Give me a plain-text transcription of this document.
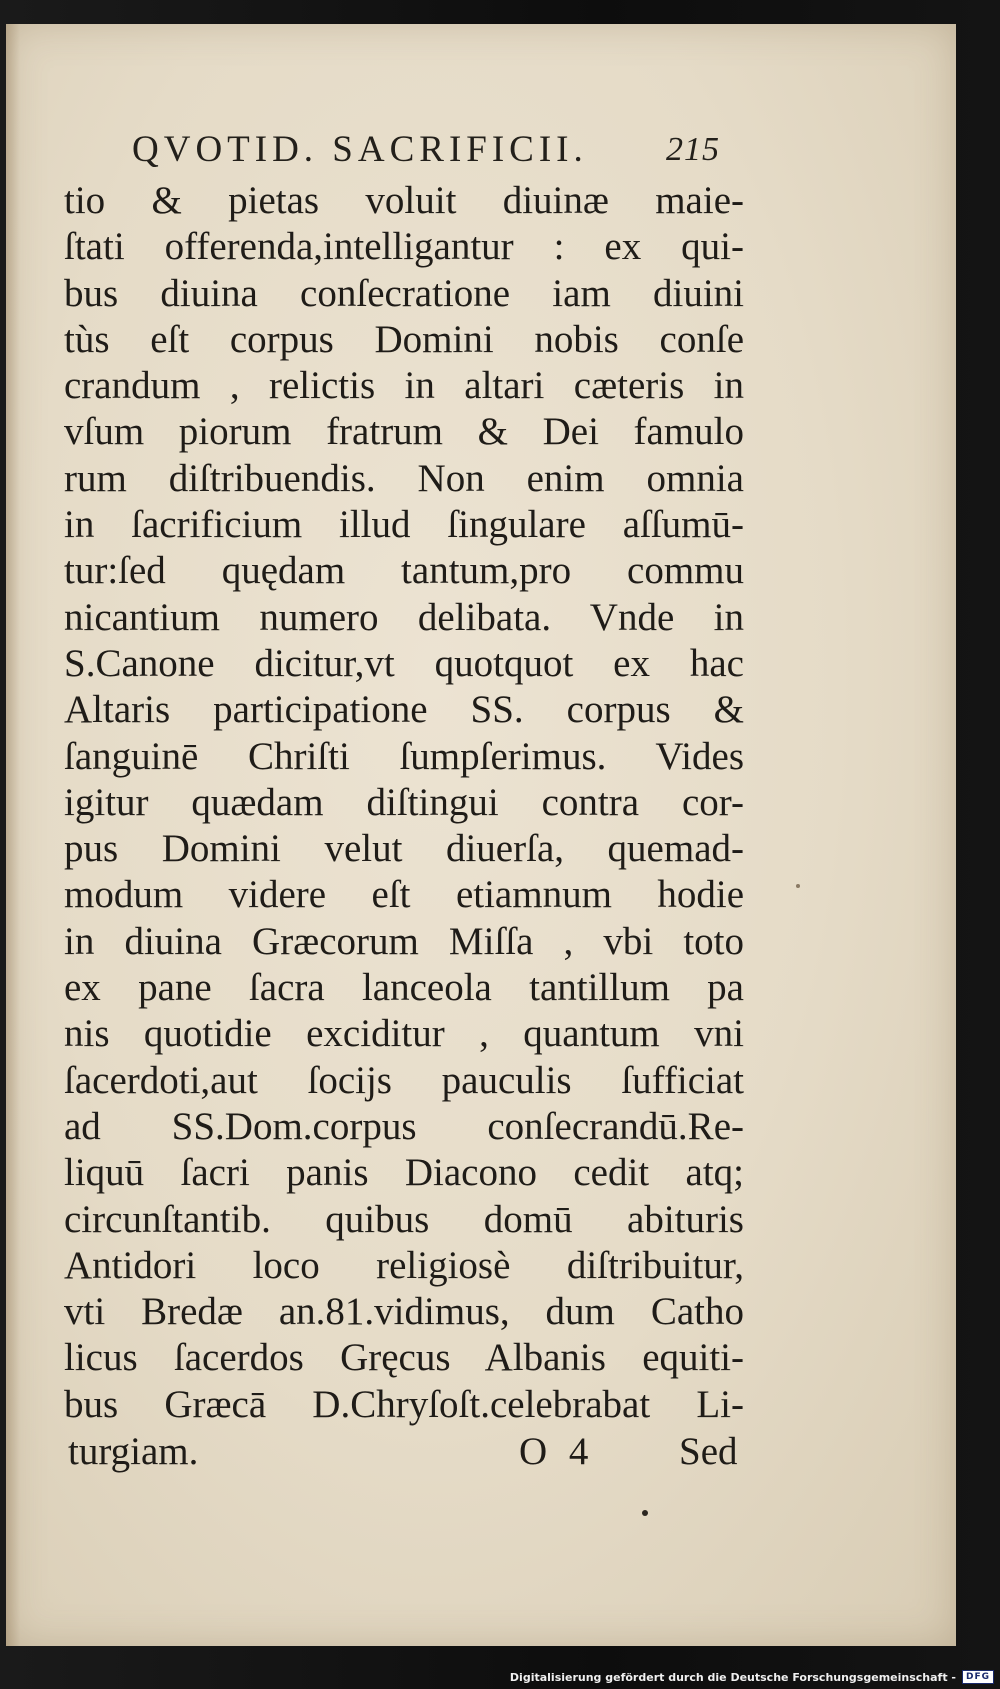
QVOTID. SACRIFICII. 215
tio & pietas voluit diuinæ maie-
ſtati offerenda,intelligantur : ex qui-
bus diuina conſecratione iam diuini
tùs eſt corpus Domini nobis conſe
crandum , relictis in altari cæteris in
vſum piorum fratrum & Dei famulo
rum diſtribuendis. Non enim omnia
in ſacrificium illud ſingulare aſſumū-
tur:ſed quędam tantum,pro commu
nicantium numero delibata. Vnde in
S.Canone dicitur,vt quotquot ex hac
Altaris participatione SS. corpus &
ſanguinē Chriſti ſumpſerimus. Vides
igitur quædam diſtingui contra cor-
pus Domini velut diuerſa, quemad-
modum videre eſt etiamnum hodie
in diuina Græcorum Miſſa , vbi toto
ex pane ſacra lanceola tantillum pa
nis quotidie exciditur , quantum vni
ſacerdoti,aut ſocijs pauculis ſufficiat
ad SS.Dom.corpus conſecrandū.Re-
liquū ſacri panis Diacono cedit atq;
circunſtantib. quibus domū abituris
Antidori loco religiosè diſtribuitur,
vti Bredæ an.81.vidimus, dum Catho
licus ſacerdos Gręcus Albanis equiti-
bus Græcā D.Chryſoſt.celebrabat Li-
turgiam.	O 4 Sed
Digitalisierung gefördert durch die Deutsche Forschungsgemeinschaft -	DFG
